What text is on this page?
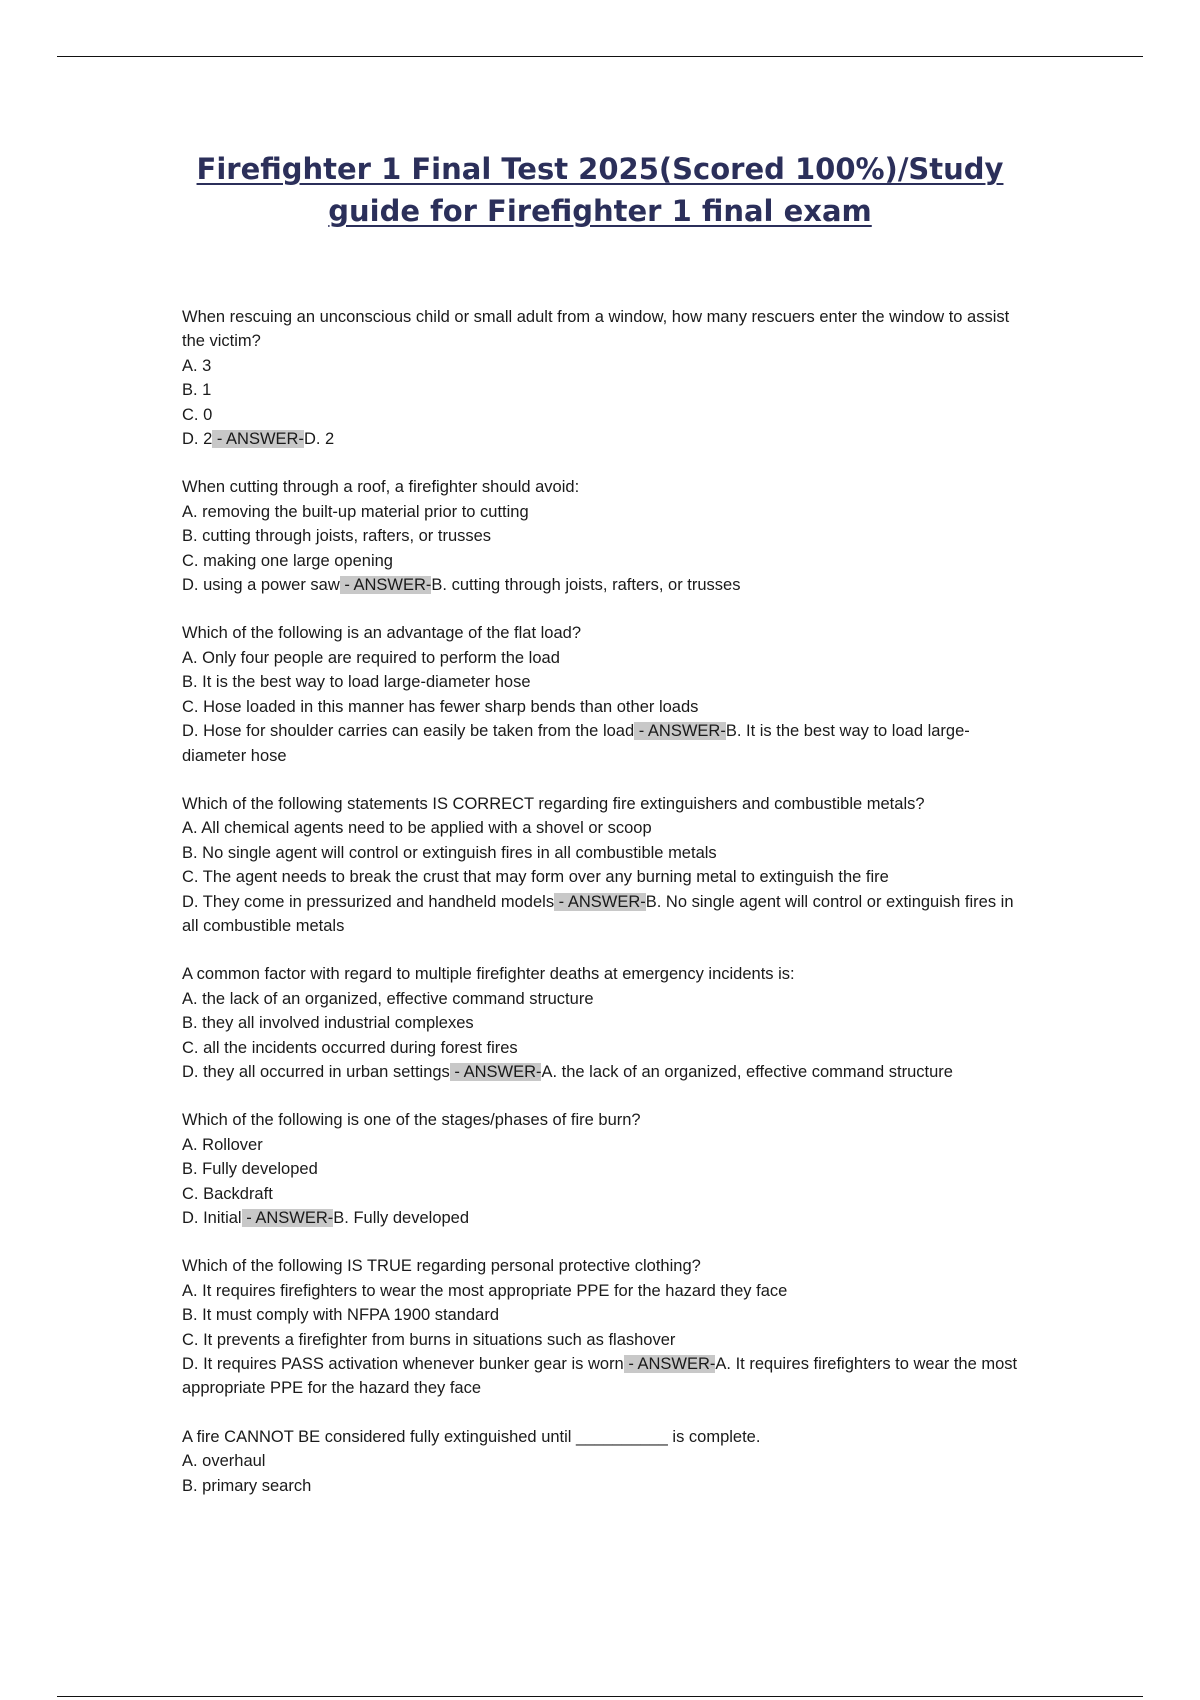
Firefighter 1 Final Test 2025(Scored 100%)/Study
guide for Firefighter 1 final exam
When rescuing an unconscious child or small adult from a window, how many rescuers enter the window to assist the victim?
A. 3
B. 1
C. 0
D. 2 - ANSWER-D. 2
When cutting through a roof, a firefighter should avoid:
A. removing the built-up material prior to cutting
B. cutting through joists, rafters, or trusses
C. making one large opening
D. using a power saw - ANSWER-B. cutting through joists, rafters, or trusses
Which of the following is an advantage of the flat load?
A. Only four people are required to perform the load
B. It is the best way to load large-diameter hose
C. Hose loaded in this manner has fewer sharp bends than other loads
D. Hose for shoulder carries can easily be taken from the load - ANSWER-B. It is the best way to load large-diameter hose
Which of the following statements IS CORRECT regarding fire extinguishers and combustible metals?
A. All chemical agents need to be applied with a shovel or scoop
B. No single agent will control or extinguish fires in all combustible metals
C. The agent needs to break the crust that may form over any burning metal to extinguish the fire
D. They come in pressurized and handheld models - ANSWER-B. No single agent will control or extinguish fires in all combustible metals
A common factor with regard to multiple firefighter deaths at emergency incidents is:
A. the lack of an organized, effective command structure
B. they all involved industrial complexes
C. all the incidents occurred during forest fires
D. they all occurred in urban settings - ANSWER-A. the lack of an organized, effective command structure
Which of the following is one of the stages/phases of fire burn?
A. Rollover
B. Fully developed
C. Backdraft
D. Initial - ANSWER-B. Fully developed
Which of the following IS TRUE regarding personal protective clothing?
A. It requires firefighters to wear the most appropriate PPE for the hazard they face
B. It must comply with NFPA 1900 standard
C. It prevents a firefighter from burns in situations such as flashover
D. It requires PASS activation whenever bunker gear is worn - ANSWER-A. It requires firefighters to wear the most appropriate PPE for the hazard they face
A fire CANNOT BE considered fully extinguished until __________ is complete.
A. overhaul
B. primary search
